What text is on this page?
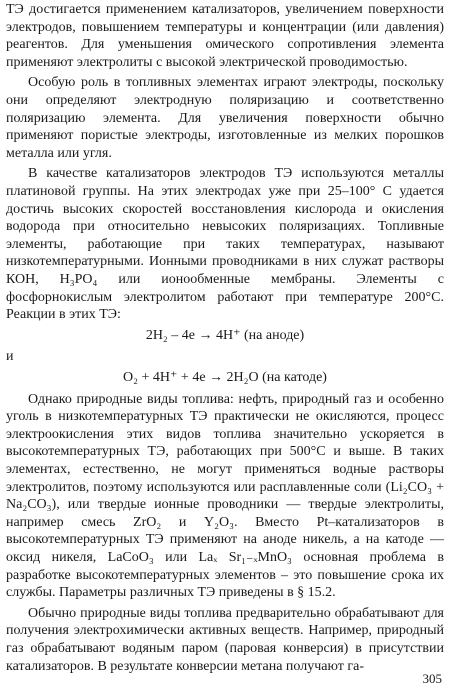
ТЭ достигается применением катализаторов, увеличением поверхности электродов, повышением температуры и концентрации (или давления) реагентов. Для уменьшения омического сопротивления элемента применяют электролиты с высокой электрической проводимостью.

Особую роль в топливных элементах играют электроды, поскольку они определяют электродную поляризацию и соответственно поляризацию элемента. Для увеличения поверхности обычно применяют пористые электроды, изготовленные из мелких порошков металла или угля.

В качестве катализаторов электродов ТЭ используются металлы платиновой группы. На этих электродах уже при 25–100° С удается достичь высоких скоростей восстановления кислорода и окисления водорода при относительно невысоких поляризациях. Топливные элементы, работающие при таких температурах, называют низкотемпературными. Ионными проводниками в них служат растворы КОН, H₃PO₄ или ионообменные мембраны. Элементы с фосфорнокислым электролитом работают при температуре 200°С. Реакции в этих ТЭ:

2H₂ – 4e → 4H⁺ (на аноде)

и

O₂ + 4H⁺ + 4e → 2H₂O (на катоде)

Однако природные виды топлива: нефть, природный газ и особенно уголь в низкотемпературных ТЭ практически не окисляются, процесс электроокисления этих видов топлива значительно ускоряется в высокотемпературных ТЭ, работающих при 500°С и выше. В таких элементах, естественно, не могут применяться водные растворы электролитов, поэтому используются или расплавленные соли (Li₂CO₃ + Na₂CO₃), или твердые ионные проводники — твердые электролиты, например смесь ZrO₂ и Y₂O₃. Вместо Pt–катализаторов в высокотемпературных ТЭ применяют на аноде никель, а на катоде — оксид никеля, LaCoO₃ или Laₓ Sr₁₋ₓMnO₃ основная проблема в разработке высокотемпературных элементов – это повышение срока их службы. Параметры различных ТЭ приведены в § 15.2.

Обычно природные виды топлива предварительно обрабатывают для получения электрохимически активных веществ. Например, природный газ обрабатывают водяным паром (паровая конверсия) в присутствии катализаторов. В результате конверсии метана получают га-

305
